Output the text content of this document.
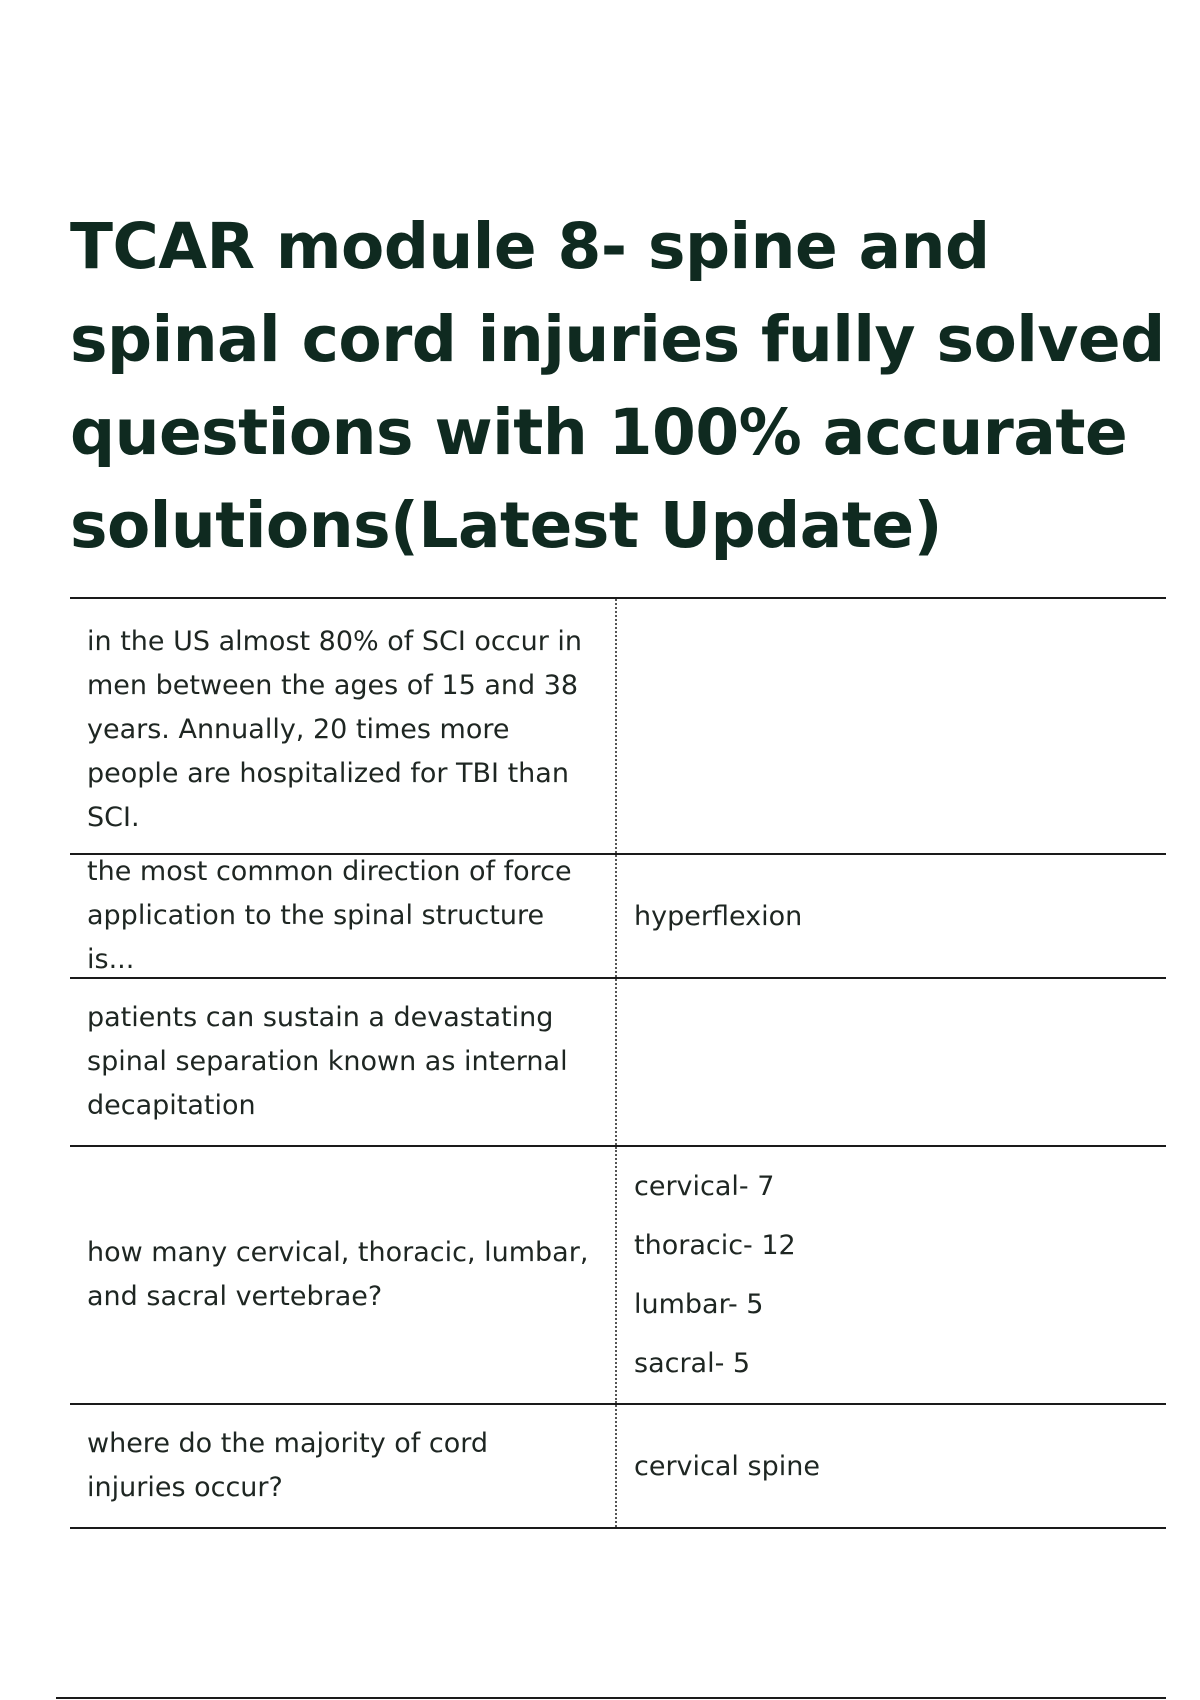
TCAR module 8- spine and spinal cord injuries fully solved questions with 100% accurate solutions(Latest Update)
in the US almost 80% of SCI occur in men between the ages of 15 and 38 years. Annually, 20 times more people are hospitalized for TBI than SCI.
the most common direction of force application to the spinal structure is...
hyperflexion
patients can sustain a devastating spinal separation known as internal decapitation
how many cervical, thoracic, lumbar, and sacral vertebrae?
cervical- 7
thoracic- 12
lumbar- 5
sacral- 5
where do the majority of cord injuries occur?
cervical spine
